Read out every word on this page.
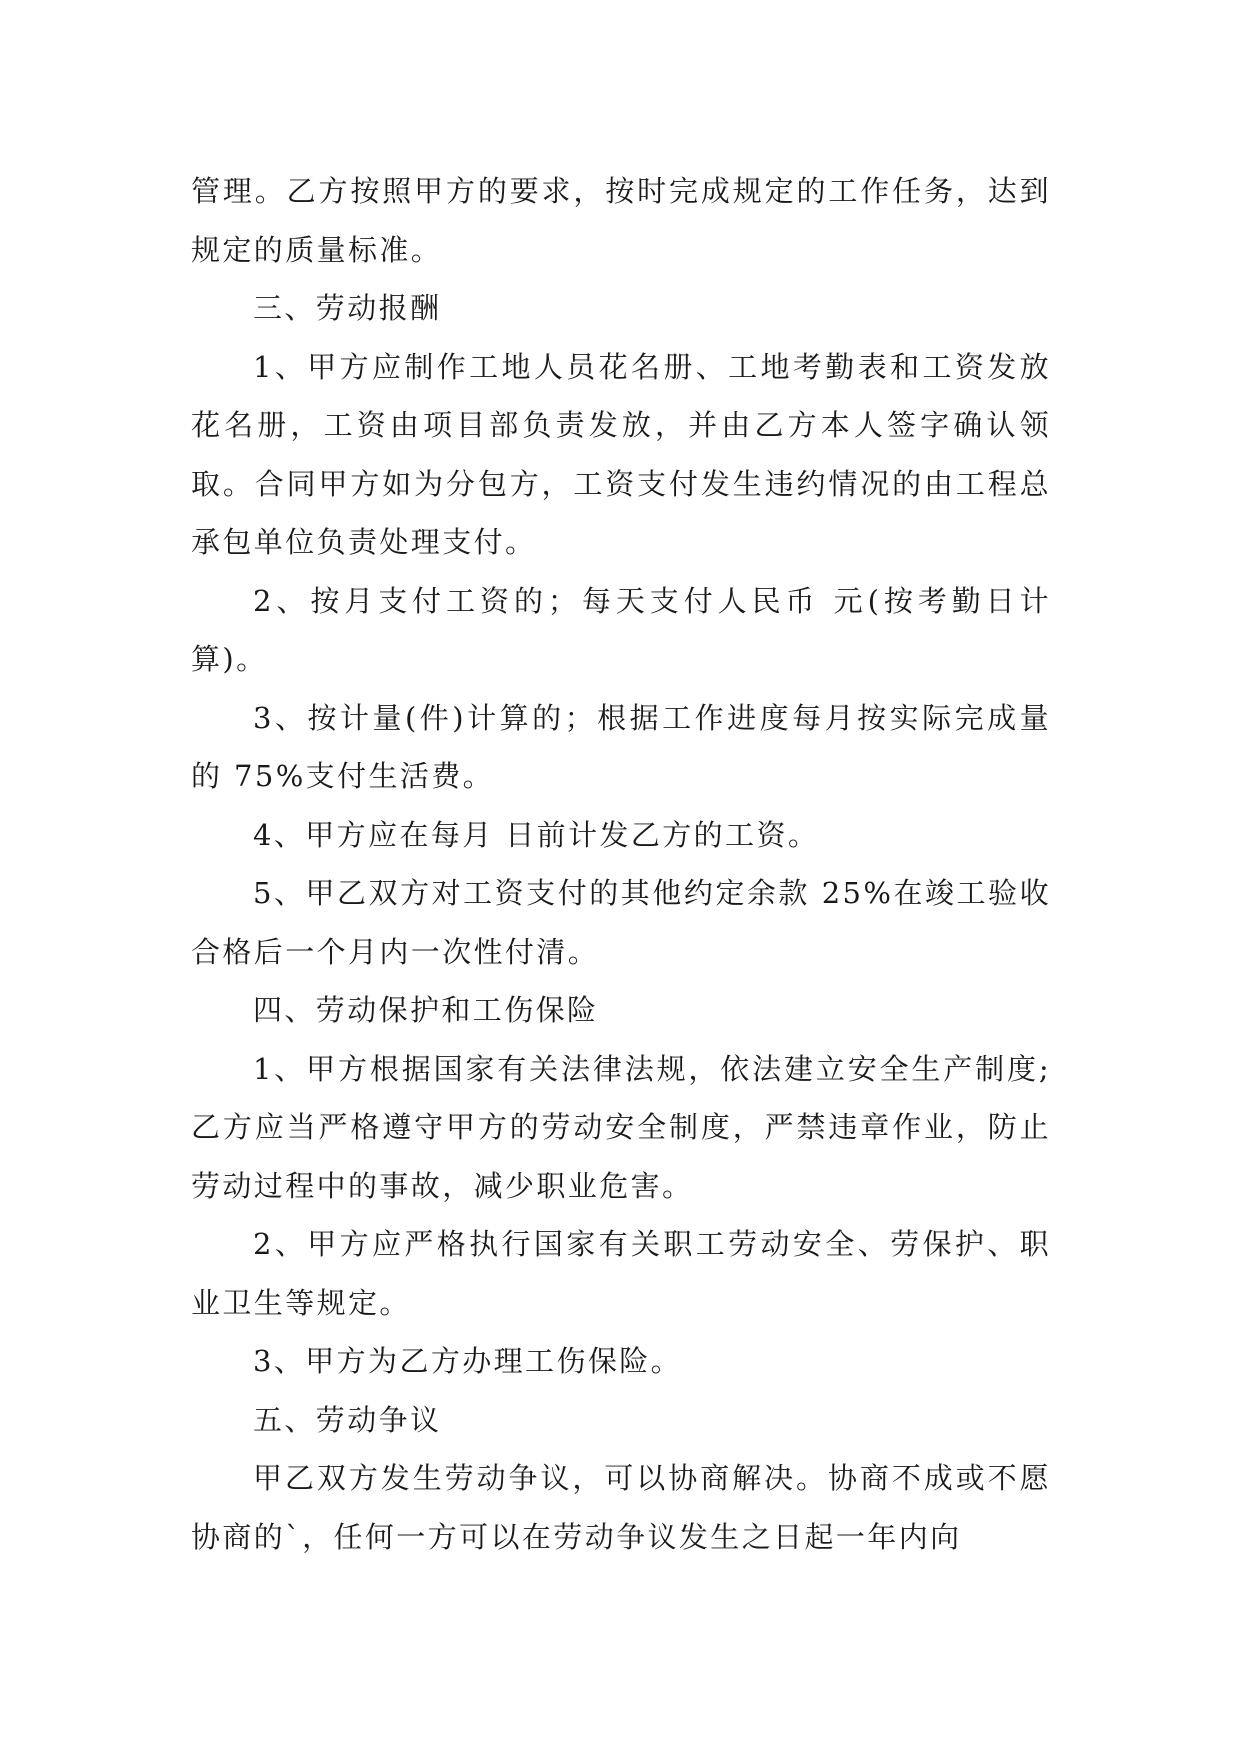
管理。乙方按照甲方的要求，按时完成规定的工作任务，达到规定的质量标准。

三、劳动报酬

1、甲方应制作工地人员花名册、工地考勤表和工资发放花名册，工资由项目部负责发放，并由乙方本人签字确认领取。合同甲方如为分包方，工资支付发生违约情况的由工程总承包单位负责处理支付。

2、按月支付工资的；每天支付人民币 元(按考勤日计算)。

3、按计量(件)计算的；根据工作进度每月按实际完成量的 75%支付生活费。

4、甲方应在每月 日前计发乙方的工资。

5、甲乙双方对工资支付的其他约定余款 25%在竣工验收合格后一个月内一次性付清。

四、劳动保护和工伤保险

1、甲方根据国家有关法律法规，依法建立安全生产制度;乙方应当严格遵守甲方的劳动安全制度，严禁违章作业，防止劳动过程中的事故，减少职业危害。

2、甲方应严格执行国家有关职工劳动安全、劳保护、职业卫生等规定。

3、甲方为乙方办理工伤保险。

五、劳动争议

甲乙双方发生劳动争议，可以协商解决。协商不成或不愿协商的`，任何一方可以在劳动争议发生之日起一年内向
